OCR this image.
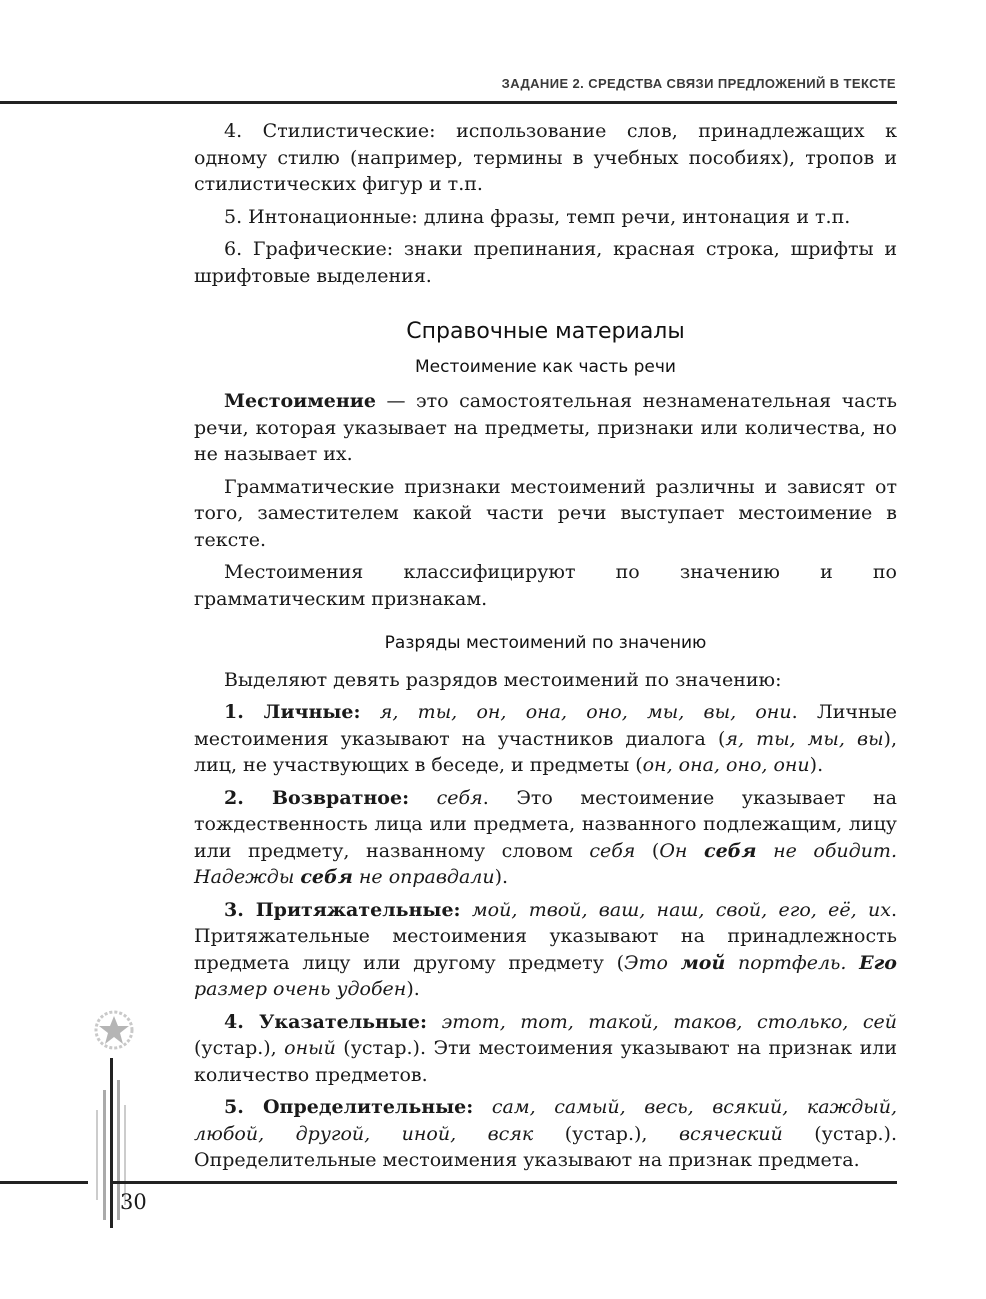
ЗАДАНИЕ 2. СРЕДСТВА СВЯЗИ ПРЕДЛОЖЕНИЙ В ТЕКСТЕ

4. Стилистические: использование слов, принадлежащих к одному стилю (например, термины в учебных пособиях), тропов и стилистических фигур и т.п.

5. Интонационные: длина фразы, темп речи, интонация и т.п.

6. Графические: знаки препинания, красная строка, шрифты и шрифтовые выделения.

Справочные материалы
Местоимение как часть речи

Местоимение — это самостоятельная незнаменательная часть речи, которая указывает на предметы, признаки или количества, но не называет их.

Грамматические признаки местоимений различны и зависят от того, заместителем какой части речи выступает местоимение в тексте.

Местоимения классифицируют по значению и по грамматическим признакам.

Разряды местоимений по значению

Выделяют девять разрядов местоимений по значению:

1. Личные: я, ты, он, она, оно, мы, вы, они. Личные местоимения указывают на участников диалога (я, ты, мы, вы), лиц, не участвующих в беседе, и предметы (он, она, оно, они).

2. Возвратное: себя. Это местоимение указывает на тождественность лица или предмета, названного подлежащим, лицу или предмету, названному словом себя (Он себя не обидит. Надежды себя не оправдали).

3. Притяжательные: мой, твой, ваш, наш, свой, его, её, их. Притяжательные местоимения указывают на принадлежность предмета лицу или другому предмету (Это мой портфель. Его размер очень удобен).

4. Указательные: этот, тот, такой, таков, столько, сей (устар.), оный (устар.). Эти местоимения указывают на признак или количество предметов.

5. Определительные: сам, самый, весь, всякий, каждый, любой, другой, иной, всяк (устар.), всяческий (устар.). Определительные местоимения указывают на признак предмета.

30
